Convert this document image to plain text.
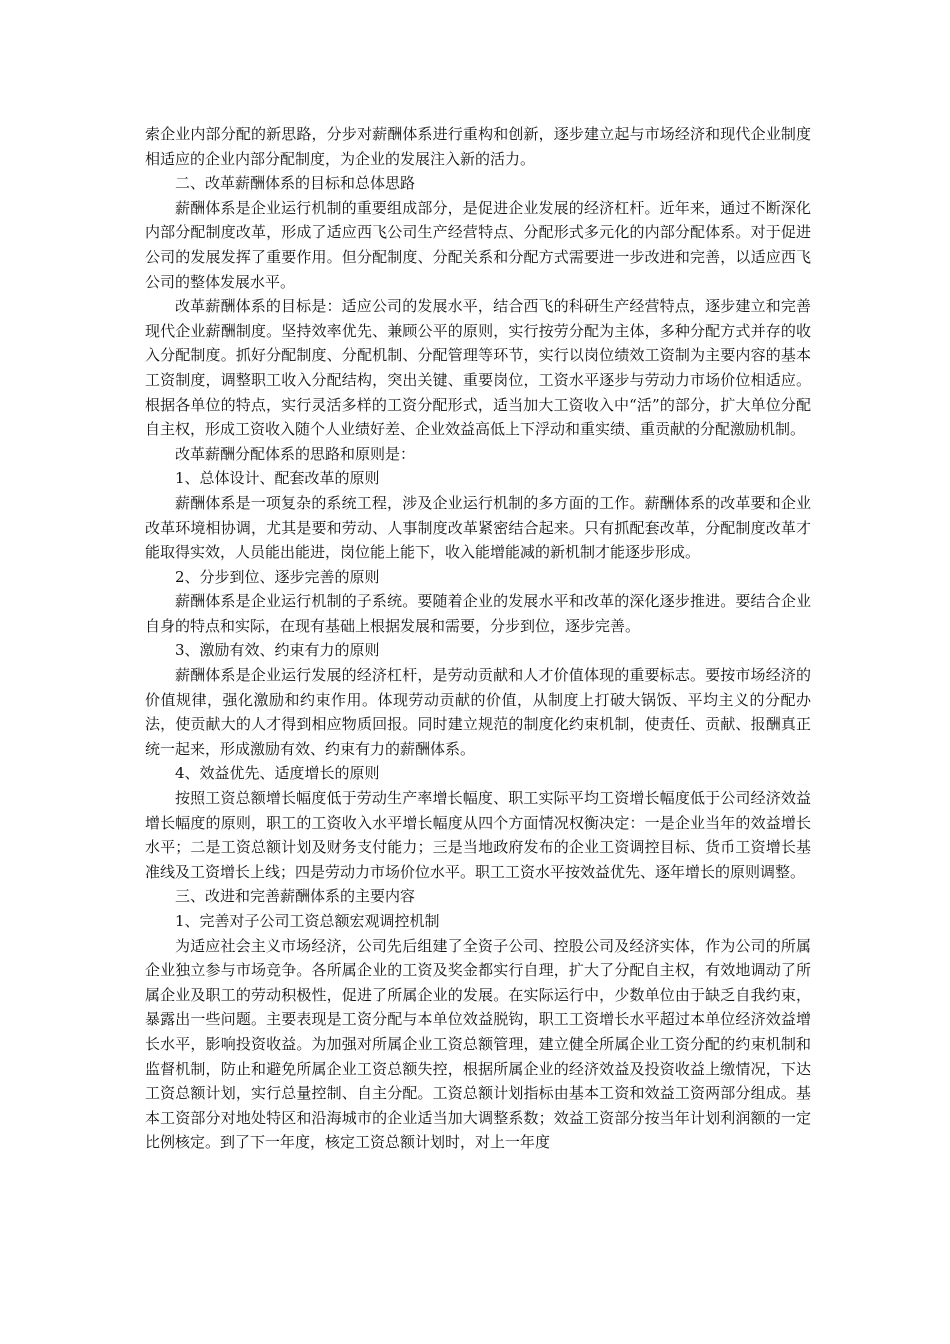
索企业内部分配的新思路，分步对薪酬体系进行重构和创新，逐步建立起与市场经济和现代企业制度相适应的企业内部分配制度，为企业的发展注入新的活力。

二、改革薪酬体系的目标和总体思路

薪酬体系是企业运行机制的重要组成部分，是促进企业发展的经济杠杆。近年来，通过不断深化内部分配制度改革，形成了适应西飞公司生产经营特点、分配形式多元化的内部分配体系。对于促进公司的发展发挥了重要作用。但分配制度、分配关系和分配方式需要进一步改进和完善，以适应西飞公司的整体发展水平。

改革薪酬体系的目标是：适应公司的发展水平，结合西飞的科研生产经营特点，逐步建立和完善现代企业薪酬制度。坚持效率优先、兼顾公平的原则，实行按劳分配为主体，多种分配方式并存的收入分配制度。抓好分配制度、分配机制、分配管理等环节，实行以岗位绩效工资制为主要内容的基本工资制度，调整职工收入分配结构，突出关键、重要岗位，工资水平逐步与劳动力市场价位相适应。根据各单位的特点，实行灵活多样的工资分配形式，适当加大工资收入中“活”的部分，扩大单位分配自主权，形成工资收入随个人业绩好差、企业效益高低上下浮动和重实绩、重贡献的分配激励机制。

改革薪酬分配体系的思路和原则是：

1、总体设计、配套改革的原则

薪酬体系是一项复杂的系统工程，涉及企业运行机制的多方面的工作。薪酬体系的改革要和企业改革环境相协调，尤其是要和劳动、人事制度改革紧密结合起来。只有抓配套改革，分配制度改革才能取得实效，人员能出能进，岗位能上能下，收入能增能减的新机制才能逐步形成。

2、分步到位、逐步完善的原则

薪酬体系是企业运行机制的子系统。要随着企业的发展水平和改革的深化逐步推进。要结合企业自身的特点和实际，在现有基础上根据发展和需要，分步到位，逐步完善。

3、激励有效、约束有力的原则

薪酬体系是企业运行发展的经济杠杆，是劳动贡献和人才价值体现的重要标志。要按市场经济的价值规律，强化激励和约束作用。体现劳动贡献的价值，从制度上打破大锅饭、平均主义的分配办法，使贡献大的人才得到相应物质回报。同时建立规范的制度化约束机制，使责任、贡献、报酬真正统一起来，形成激励有效、约束有力的薪酬体系。

4、效益优先、适度增长的原则

按照工资总额增长幅度低于劳动生产率增长幅度、职工实际平均工资增长幅度低于公司经济效益增长幅度的原则，职工的工资收入水平增长幅度从四个方面情况权衡决定：一是企业当年的效益增长水平；二是工资总额计划及财务支付能力；三是当地政府发布的企业工资调控目标、货币工资增长基准线及工资增长上线；四是劳动力市场价位水平。职工工资水平按效益优先、逐年增长的原则调整。

三、改进和完善薪酬体系的主要内容

1、完善对子公司工资总额宏观调控机制

为适应社会主义市场经济，公司先后组建了全资子公司、控股公司及经济实体，作为公司的所属企业独立参与市场竞争。各所属企业的工资及奖金都实行自理，扩大了分配自主权，有效地调动了所属企业及职工的劳动积极性，促进了所属企业的发展。在实际运行中，少数单位由于缺乏自我约束，暴露出一些问题。主要表现是工资分配与本单位效益脱钩，职工工资增长水平超过本单位经济效益增长水平，影响投资收益。为加强对所属企业工资总额管理，建立健全所属企业工资分配的约束机制和监督机制，防止和避免所属企业工资总额失控，根据所属企业的经济效益及投资收益上缴情况，下达工资总额计划，实行总量控制、自主分配。工资总额计划指标由基本工资和效益工资两部分组成。基本工资部分对地处特区和沿海城市的企业适当加大调整系数；效益工资部分按当年计划利润额的一定比例核定。到了下一年度，核定工资总额计划时，对上一年度
